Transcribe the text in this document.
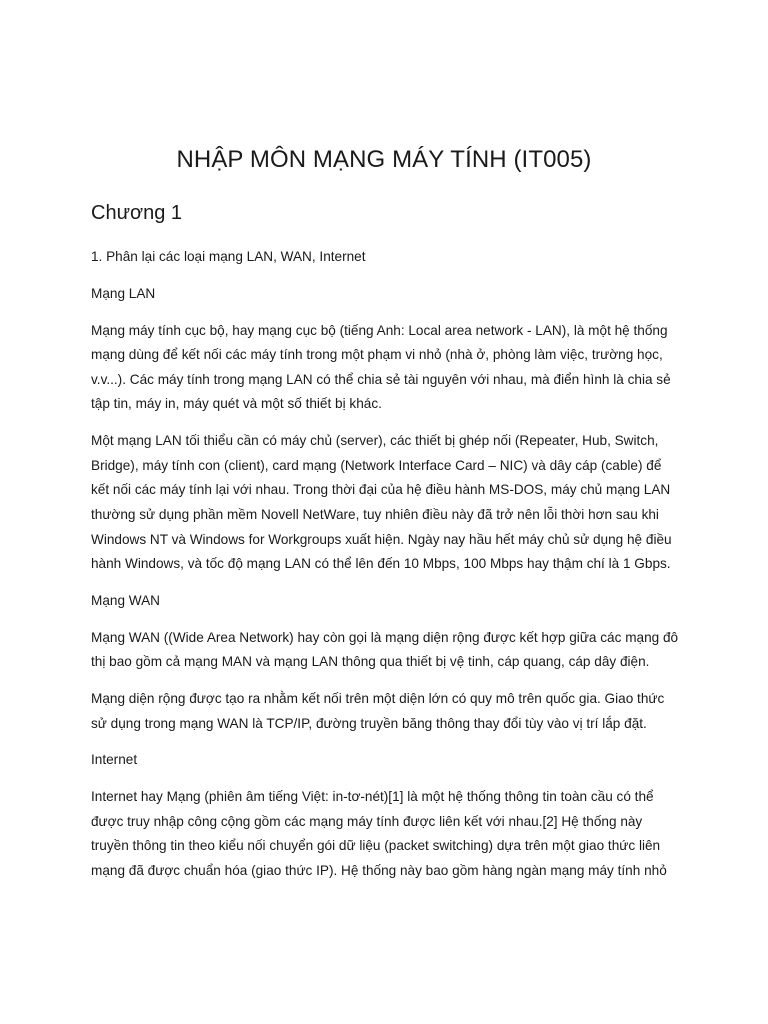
NHẬP MÔN MẠNG MÁY TÍNH (IT005)
Chương 1

1. Phân lại các loại mạng LAN, WAN, Internet

Mạng LAN

Mạng máy tính cục bộ, hay mạng cục bộ (tiếng Anh: Local area network - LAN), là một hệ thống mạng dùng để kết nối các máy tính trong một phạm vi nhỏ (nhà ở, phòng làm việc, trường học, v.v...). Các máy tính trong mạng LAN có thể chia sẻ tài nguyên với nhau, mà điển hình là chia sẻ tập tin, máy in, máy quét và một số thiết bị khác.

Một mạng LAN tối thiểu cần có máy chủ (server), các thiết bị ghép nối (Repeater, Hub, Switch, Bridge), máy tính con (client), card mạng (Network Interface Card – NIC) và dây cáp (cable) để kết nối các máy tính lại với nhau. Trong thời đại của hệ điều hành MS-DOS, máy chủ mạng LAN thường sử dụng phần mềm Novell NetWare, tuy nhiên điều này đã trở nên lỗi thời hơn sau khi Windows NT và Windows for Workgroups xuất hiện. Ngày nay hầu hết máy chủ sử dụng hệ điều hành Windows, và tốc độ mạng LAN có thể lên đến 10 Mbps, 100 Mbps hay thậm chí là 1 Gbps.

Mạng WAN

Mạng WAN ((Wide Area Network) hay còn gọi là mạng diện rộng được kết hợp giữa các mạng đô thị bao gồm cả mạng MAN và mạng LAN thông qua thiết bị vệ tinh, cáp quang, cáp dây điện.

Mạng diện rộng được tạo ra nhằm kết nối trên một diện lớn có quy mô trên quốc gia. Giao thức sử dụng trong mạng WAN là TCP/IP, đường truyền băng thông thay đổi tùy vào vị trí lắp đặt.

Internet

Internet hay Mạng (phiên âm tiếng Việt: in-tơ-nét)[1] là một hệ thống thông tin toàn cầu có thể được truy nhập công cộng gồm các mạng máy tính được liên kết với nhau.[2] Hệ thống này truyền thông tin theo kiểu nối chuyển gói dữ liệu (packet switching) dựa trên một giao thức liên mạng đã được chuẩn hóa (giao thức IP). Hệ thống này bao gồm hàng ngàn mạng máy tính nhỏ
